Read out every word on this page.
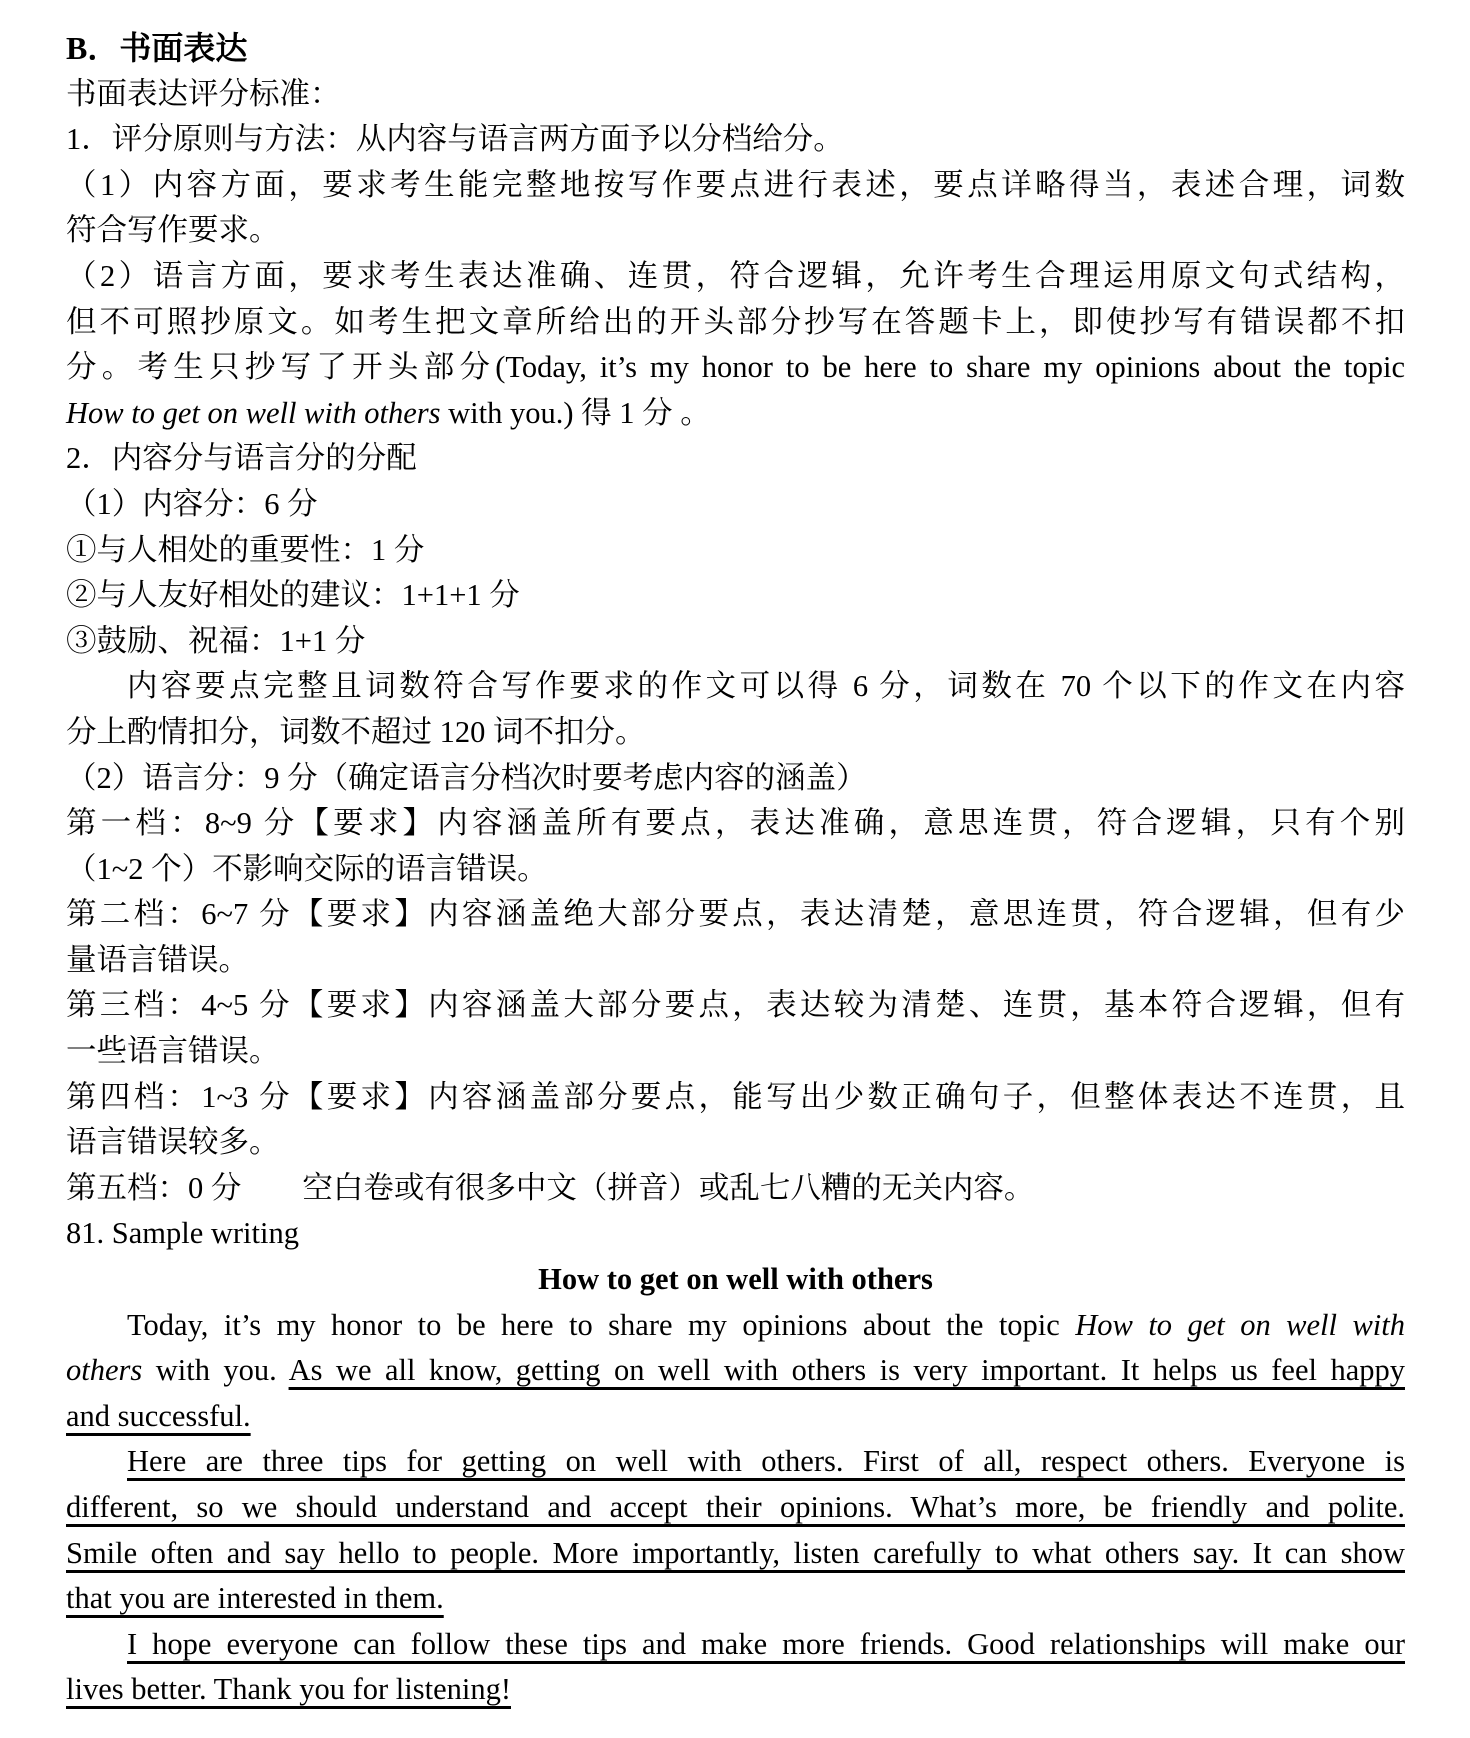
B．书面表达
书面表达评分标准：
1．评分原则与方法：从内容与语言两方面予以分档给分。
（1）内容方面，要求考生能完整地按写作要点进行表述，要点详略得当，表述合理，词数
符合写作要求。
（2）语言方面，要求考生表达准确、连贯，符合逻辑，允许考生合理运用原文句式结构，
但不可照抄原文。如考生把文章所给出的开头部分抄写在答题卡上，即使抄写有错误都不扣
分。考生只抄写了开头部分(Today, it’s my honor to be here to share my opinions about the topic
How to get on well with others with you.) 得 1 分 。
2．内容分与语言分的分配
（1）内容分：6 分
①与人相处的重要性：1 分
②与人友好相处的建议：1+1+1 分
③鼓励、祝福：1+1 分
内容要点完整且词数符合写作要求的作文可以得 6 分，词数在 70 个以下的作文在内容
分上酌情扣分，词数不超过 120 词不扣分。
（2）语言分：9 分（确定语言分档次时要考虑内容的涵盖）
第一档：8~9 分【要求】内容涵盖所有要点，表达准确，意思连贯，符合逻辑，只有个别
（1~2 个）不影响交际的语言错误。
第二档：6~7 分【要求】内容涵盖绝大部分要点，表达清楚，意思连贯，符合逻辑，但有少
量语言错误。
第三档：4~5 分【要求】内容涵盖大部分要点，表达较为清楚、连贯，基本符合逻辑，但有
一些语言错误。
第四档：1~3 分【要求】内容涵盖部分要点，能写出少数正确句子，但整体表达不连贯，且
语言错误较多。
第五档：0 分　　空白卷或有很多中文（拼音）或乱七八糟的无关内容。
81. Sample writing
How to get on well with others
Today, it’s my honor to be here to share my opinions about the topic How to get on well with
others with you. As we all know, getting on well with others is very important. It helps us feel happy
and successful.
Here are three tips for getting on well with others. First of all, respect others. Everyone is
different, so we should understand and accept their opinions. What’s more, be friendly and polite.
Smile often and say hello to people. More importantly, listen carefully to what others say. It can show
that you are interested in them.
I hope everyone can follow these tips and make more friends. Good relationships will make our
lives better. Thank you for listening!
